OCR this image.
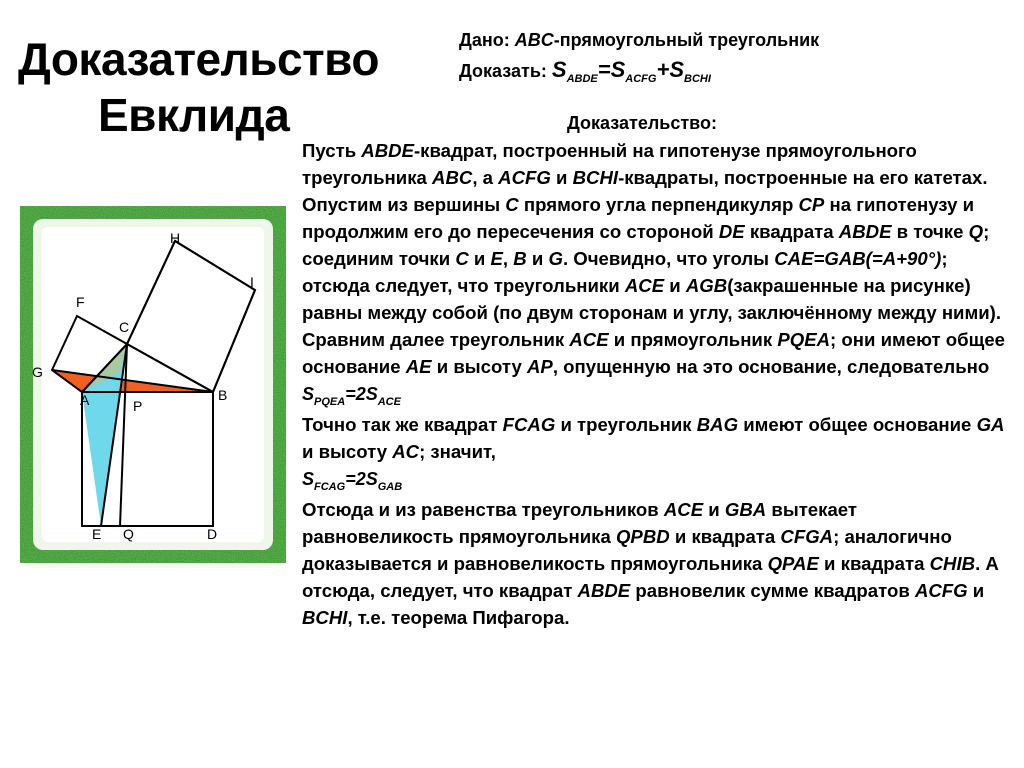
Доказательство
Евклида
Дано: ABC-прямоугольный треугольник
Доказать: $S_{ABDE}=S_{ACFG}+S_{BCHI}$
Доказательство:
Пусть ABDE-квадрат, построенный на гипотенузе прямоугольного треугольника ABC, а ACFG и BCHI-квадраты, построенные на его катетах. Опустим из вершины C прямого угла перпендикуляр CP на гипотенузу и продолжим его до пересечения со стороной DE квадрата ABDE в точке Q; соединим точки C и E, B и G. Очевидно, что уголы CAE=GAB(=A+90°); отсюда следует, что треугольники ACE и AGB(закрашенные на рисунке) равны между собой (по двум сторонам и углу, заключённому между ними). Сравним далее треугольник ACE и прямоугольник PQEA; они имеют общее основание AE и высоту AP, опущенную на это основание, следовательно
$S_{PQEA}=2S_{ACE}$
Точно так же квадрат FCAG и треугольник BAG имеют общее основание GA и высоту AC; значит,
$S_{FCAG}=2S_{GAB}$
Отсюда и из равенства треугольников ACE и GBA вытекает равновеликость прямоугольника QPBD и квадрата CFGA; аналогично доказывается и равновеликость прямоугольника QPAE и квадрата CHIB. А отсюда, следует, что квадрат ABDE равновелик сумме квадратов ACFG и BCHI, т.е. теорема Пифагора.
H
I
F
C
G
A	B
P
E Q	D
